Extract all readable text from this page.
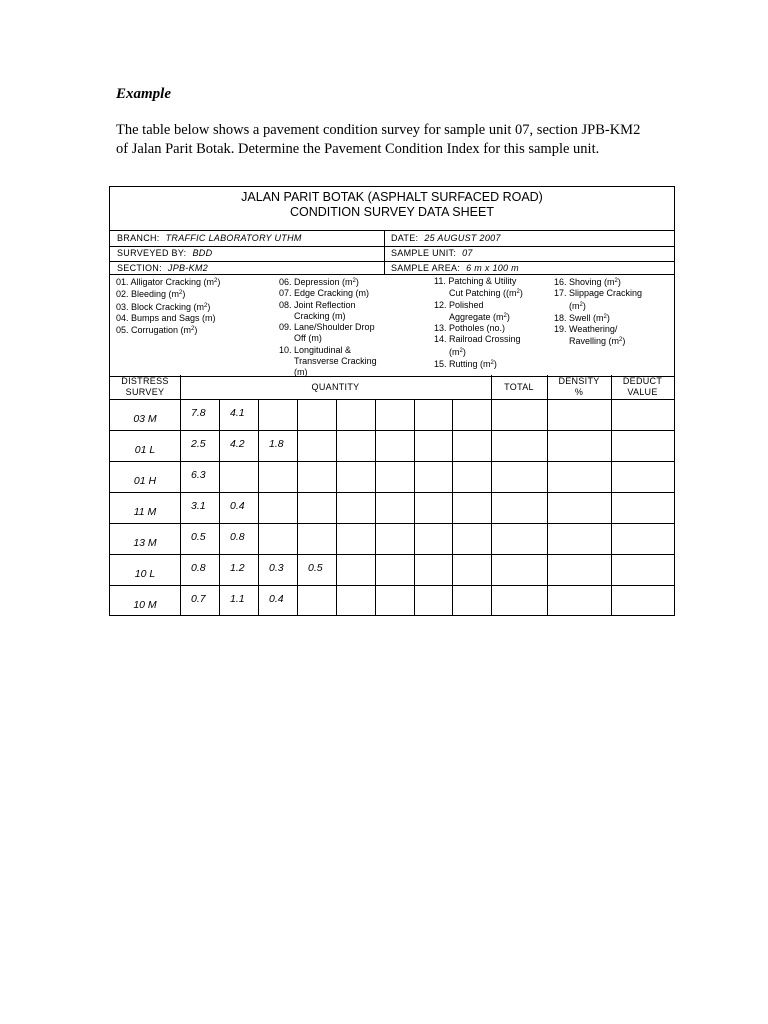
Example
The table below shows a pavement condition survey for sample unit 07, section JPB-KM2 of Jalan Parit Botak. Determine the Pavement Condition Index for this sample unit.
JALAN PARIT BOTAK (ASPHALT SURFACED ROAD)
CONDITION SURVEY DATA SHEET
BRANCH: TRAFFIC LABORATORY UTHM	DATE: 25 AUGUST 2007
SURVEYED BY: BDD	SAMPLE UNIT: 07
SECTION: JPB-KM2	SAMPLE AREA: 6 m x 100 m
01. Alligator Cracking $(m^2)$
02. Bleeding $(m^2)$
03. Block Cracking $(m^2)$
04. Bumps and Sags (m)
05. Corrugation $(m^2)$
06. Depression $(m^2)$
07. Edge Cracking (m)
08. Joint Reflection
Cracking (m)
09. Lane/Shoulder Drop
Off (m)
10. Longitudinal &
Transverse Cracking
(m)
11. Patching & Utility
Cut Patching ($(m^2)$
12. Polished
Aggregate $(m^2)$
13. Potholes (no.)
14. Railroad Crossing
$(m^2)$
15. Rutting $(m^2)$
16. Shoving $(m^2)$
17. Slippage Cracking
$(m^2)$
18. Swell $(m^2)$
19. Weathering/
Ravelling $(m^2)$
DISTRESS
SURVEY	QUANTITY	TOTAL
DENSITY
%
DEDUCT
VALUE
03 M	7.8 4.1
01 L	2.5 4.2 1.8
01 H	6.3
11 M	3.1 0.4
13 M	0.5 0.8
10 L	0.8 1.2 0.3 0.5
10 M	0.7 1.1 0.4
